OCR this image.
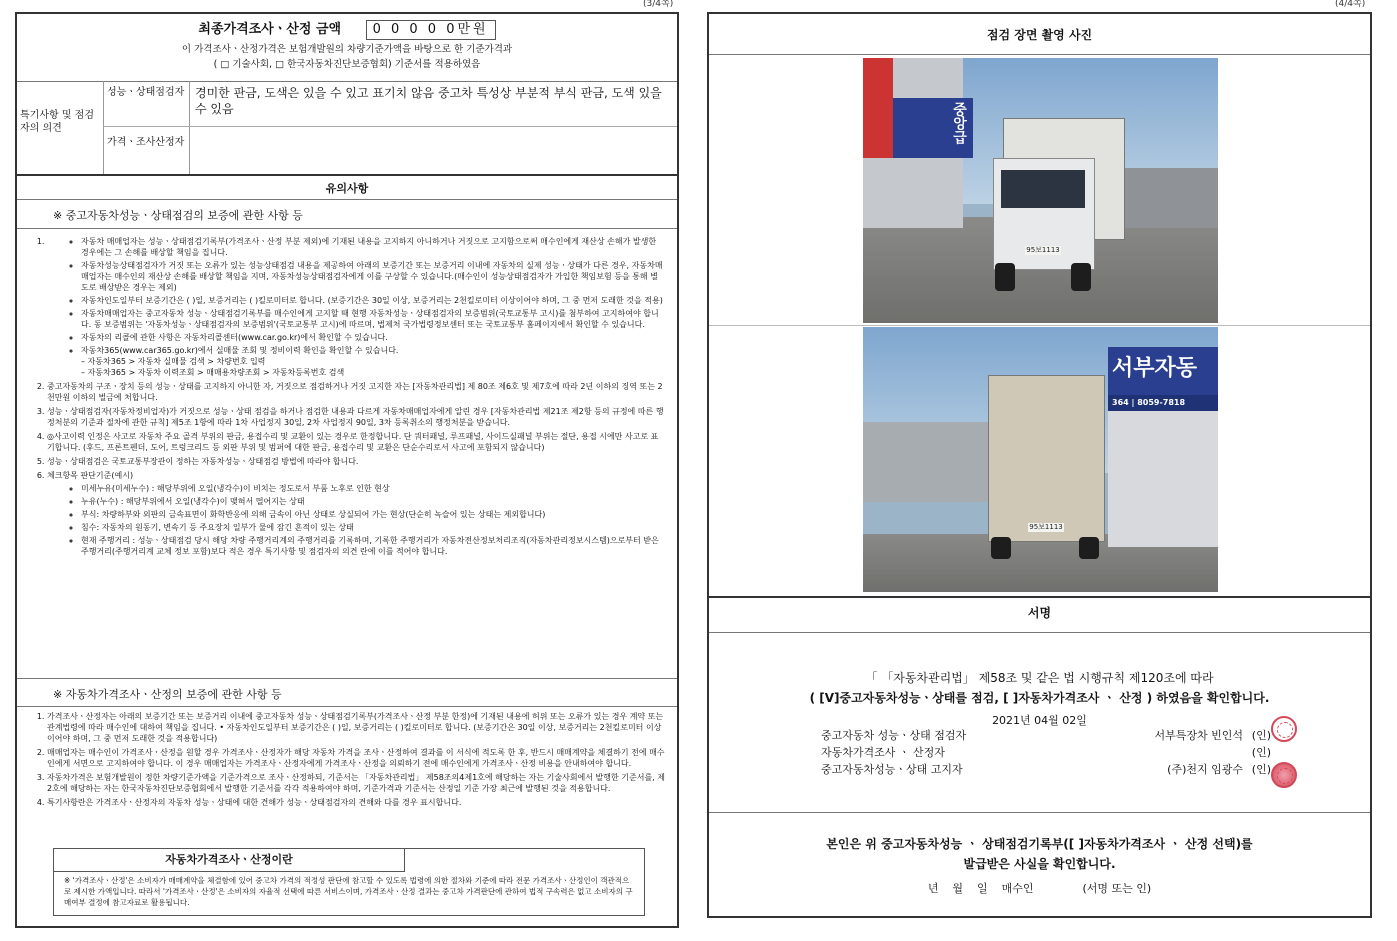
(3/4쪽)	(4/4쪽)
최종가격조사ㆍ산정 금액 0 0 0 0 0만원
이 가격조사ㆍ산정가격은 보험개발원의 차량기준가액을 바탕으로 한 기준가격과
( □ 기술사회, □ 한국자동차진단보증협회) 기준서를 적용하였음
특기사항 및 점검자의 의견
성능ㆍ상태점검자 경미한 판금, 도색은 있을 수 있고 표기치 않음 중고차 특성상 부분적 부식 판금, 도색 있을 수 있음
가격ㆍ조사산정자
유의사항
※ 중고자동차성능ㆍ상태점검의 보증에 관한 사항 등
◦ 1. 자동차 매매업자는 성능ㆍ상태점검기록부(가격조사ㆍ산정 부분 제외)에 기재된 내용을 고지하지 아니하거나 거짓으로 고지함으로써 매수인에게 재산상 손해가 발생한 경우에는 그 손해를 배상할 책임을 집니다.
◦ 자동차성능상태점검자가 거짓 또는 오류가 있는 성능상태점검 내용을 제공하여 아래의 보증기간 또는 보증거리 이내에 자동차의 실제 성능ㆍ상태가 다른 경우, 자동차매매업자는 매수인의 재산상 손해를 배상할 책임을 지며, 자동차성능상태점검자에게 이를 구상할 수 있습니다.(매수인이 성능상태점검자가 가입한 책임보험 등을 통해 별도로 배상받은 경우는 제외)
◦ 자동차인도일부터 보증기간은 ( )일, 보증거리는 ( )킬로미터로 합니다. (보증기간은 30일 이상, 보증거리는 2천킬로미터 이상이어야 하며, 그 중 먼저 도래한 것을 적용)
◦ 자동차매매업자는 중고자동차 성능ㆍ상태점검기록부를 매수인에게 고지할 때 현행 자동차성능ㆍ상태점검자의 보증범위(국토교통부 고시)를 첨부하여 고지하여야 합니다. 동 보증범위는 '자동차성능ㆍ상태점검자의 보증범위'(국토교통부 고시)에 따르며, 법제처 국가법령정보센터 또는 국토교통부 홈페이지에서 확인할 수 있습니다.
◦ 자동차의 리콜에 관한 사항은 자동차리콜센터(www.car.go.kr)에서 확인할 수 있습니다.
◦ 자동차365(www.car365.go.kr)에서 실매물 조회 및 정비이력 확인을 확인할 수 있습니다.
– 자동차365 > 자동차 실매물 검색 > 차량번호 입력
– 자동차365 > 자동차 이력조회 > 매매용차량조회 > 자동차등록번호 검색
2. 중고자동차의 구조ㆍ장치 등의 성능ㆍ상태를 고지하지 아니한 자, 거짓으로 점검하거나 거짓 고지한 자는 [자동차관리법] 제 80조 제6호 및 제7호에 따라 2년 이하의 징역 또는 2천만원 이하의 벌금에 처합니다.
3. 성능ㆍ상태점검자(자동차정비업자)가 거짓으로 성능ㆍ상태 점검을 하거나 점검한 내용과 다르게 자동차매매업자에게 알린 경우 [자동차관리법 제21조 제2항 등의 규정에 따른 행정처분의 기준과 절차에 관한 규칙] 제5조 1항에 따라 1차 사업정지 30일, 2차 사업정지 90일, 3차 등록취소의 행정처분을 받습니다.
4. ◎사고이력 인정은 사고로 자동차 주요 골격 부위의 판금, 용접수리 및 교환이 있는 경우로 한정합니다. 단 쿼터패널, 루프패널, 사이드실패널 부위는 절단, 용접 시에만 사고로 표기합니다. (후드, 프론트펜더, 도어, 트렁크리드 등 외판 부위 및 범퍼에 대한 판금, 용접수리 및 교환은 단순수리로서 사고에 포함되지 않습니다)
5. 성능ㆍ상태점검은 국토교통부장관이 정하는 자동차성능ㆍ상태점검 방법에 따라야 합니다.
6. 체크항목 판단기준(예시)
◦ 미세누유(미세누수) : 해당부위에 오일(냉각수)이 비치는 정도로서 부품 노후로 인한 현상
◦ 누유(누수) : 해당부위에서 오일(냉각수)이 맺혀서 떨어지는 상태
◦ 부식: 차량하부와 외판의 금속표면이 화학반응에 의해 금속이 아닌 상태로 상실되어 가는 현상(단순히 녹슬어 있는 상태는 제외합니다)
◦ 침수: 자동차의 원동기, 변속기 등 주요장치 일부가 물에 잠긴 흔적이 있는 상태
◦ 현재 주행거리 : 성능ㆍ상태점검 당시 해당 차량 주행거리계의 주행거리를 기록하며, 기록한 주행거리가 자동차전산정보처리조직(자동차관리정보시스템)으로부터 받은 주행거리(주행거리계 교체 정보 포함)보다 적은 경우 특기사항 및 점검자의 의견 란에 이를 적어야 합니다.
※ 자동차가격조사ㆍ산정의 보증에 관한 사항 등
1. 가격조사ㆍ산정자는 아래의 보증기간 또는 보증거리 이내에 중고자동차 성능ㆍ상태점검기록부(가격조사ㆍ산정 부분 한정)에 기재된 내용에 허위 또는 오류가 있는 경우 계약 또는 관계법령에 따라 매수인에 대하여 책임을 집니다. • 자동차인도일부터 보증기간은 ( )일, 보증거리는 ( )킬로미터로 합니다. (보증기간은 30일 이상, 보증거리는 2천킬로미터 이상이어야 하며, 그 중 먼저 도래한 것을 적용합니다)
2. 매매업자는 매수인이 가격조사ㆍ산정을 원할 경우 가격조사ㆍ산정자가 해당 자동차 가격을 조사ㆍ산정하여 결과를 이 서식에 적도록 한 후, 반드시 매매계약을 체결하기 전에 매수인에게 서면으로 고지하여야 합니다. 이 경우 매매업자는 가격조사ㆍ산정자에게 가격조사ㆍ산정을 의뢰하기 전에 매수인에게 가격조사ㆍ산정 비용을 안내하여야 합니다.
3. 자동차가격은 보험개발원이 정한 차량기준가액을 기준가격으로 조사ㆍ산정하되, 기준서는 「자동차관리법」 제58조의4제1호에 해당하는 자는 기술사회에서 발행한 기준서를, 제2호에 해당하는 자는 한국자동차진단보증협회에서 발행한 기준서를 각각 적용하여야 하며, 기준가격과 기준서는 산정일 기준 가장 최근에 발행된 것을 적용합니다.
4. 특기사항란은 가격조사ㆍ산정자의 자동차 성능ㆍ상태에 대한 견해가 성능ㆍ상태점검자의 견해와 다를 경우 표시합니다.
자동차가격조사ㆍ산정이란
※ '가격조사ㆍ산정'은 소비자가 매매계약을 체결함에 있어 중고차 가격의 적정성 판단에 참고할 수 있도록 법령에 의한 절차와 기준에 따라 전문 가격조사ㆍ산정인이 객관적으로 제시한 가액입니다. 따라서 '가격조사ㆍ산정'은 소비자의 자율적 선택에 따른 서비스이며, 가격조사ㆍ산정 결과는 중고차 가격판단에 관하여 법적 구속력은 없고 소비자의 구매여부 결정에 참고자료로 활용됩니다.
점검 장면 촬영 사진
중앙급
95보1113
서부자동
364 | 8059-7818
95보1113
서명
「 「자동차관리법」 제58조 및 같은 법 시행규칙 제120조에 따라
( [V]중고자동차성능ㆍ상태를 점검, [ ]자동차가격조사 ㆍ 산정 ) 하였음을 확인합니다.
2021년 04월 02일
중고자동차 성능ㆍ상태 점검자	서부특장차 빈인석 (인)
자동차가격조사 ㆍ 산정자	(인)
중고자동차성능ㆍ상태 고지자	(주)천지 임광수 (인)
본인은 위 중고자동차성능 ㆍ 상태점검기록부([ ]자동차가격조사 ㆍ 산정 선택)를
발급받은 사실을 확인합니다.
년    월    일    매수인              (서명 또는 인)
